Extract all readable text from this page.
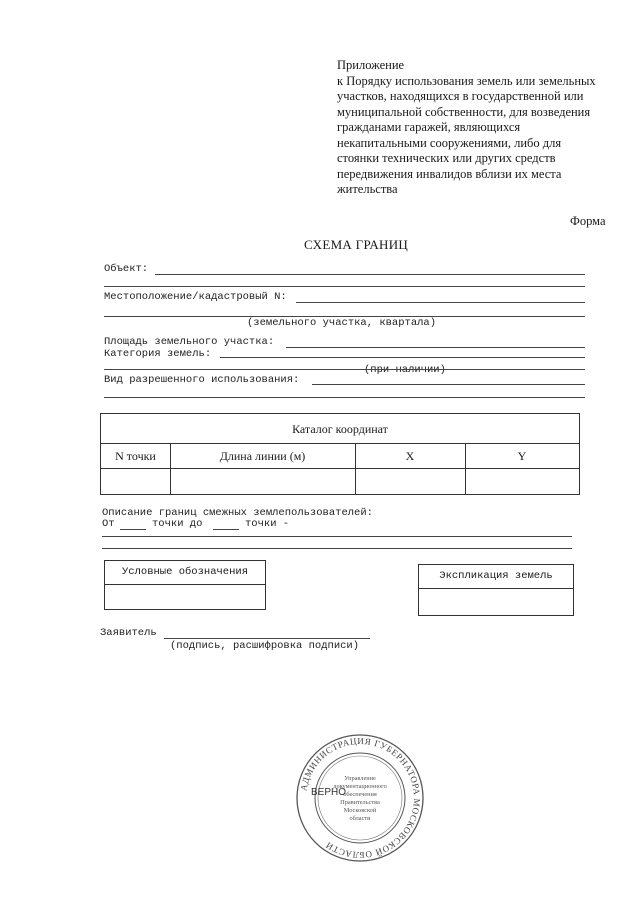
Приложение
к Порядку использования земель или земельных
участков, находящихся в государственной или
муниципальной собственности, для возведения
гражданами гаражей, являющихся
некапитальными сооружениями, либо для
стоянки технических или других средств
передвижения инвалидов вблизи их места
жительства
Форма
СХЕМА ГРАНИЦ
Объект:
Местоположение/кадастровый N:
(земельного участка, квартала)
Площадь земельного участка:
Категория земель:
(при наличии)
Вид разрешенного использования:
Каталог координат
N точки	Длина линии (м)	X	Y
Описание границ смежных землепользователей:
От	точки до	точки -
Условные обозначения	Экспликация земель
Заявитель
(подпись, расшифровка подписи)
АДМИНИСТРАЦИЯ ГУБЕРНАТОРА МОСКОВСКОЙ ОБЛАСТИ
Управление
документационного
обеспечения
Правительства
Московской
области
ВЕРНО
